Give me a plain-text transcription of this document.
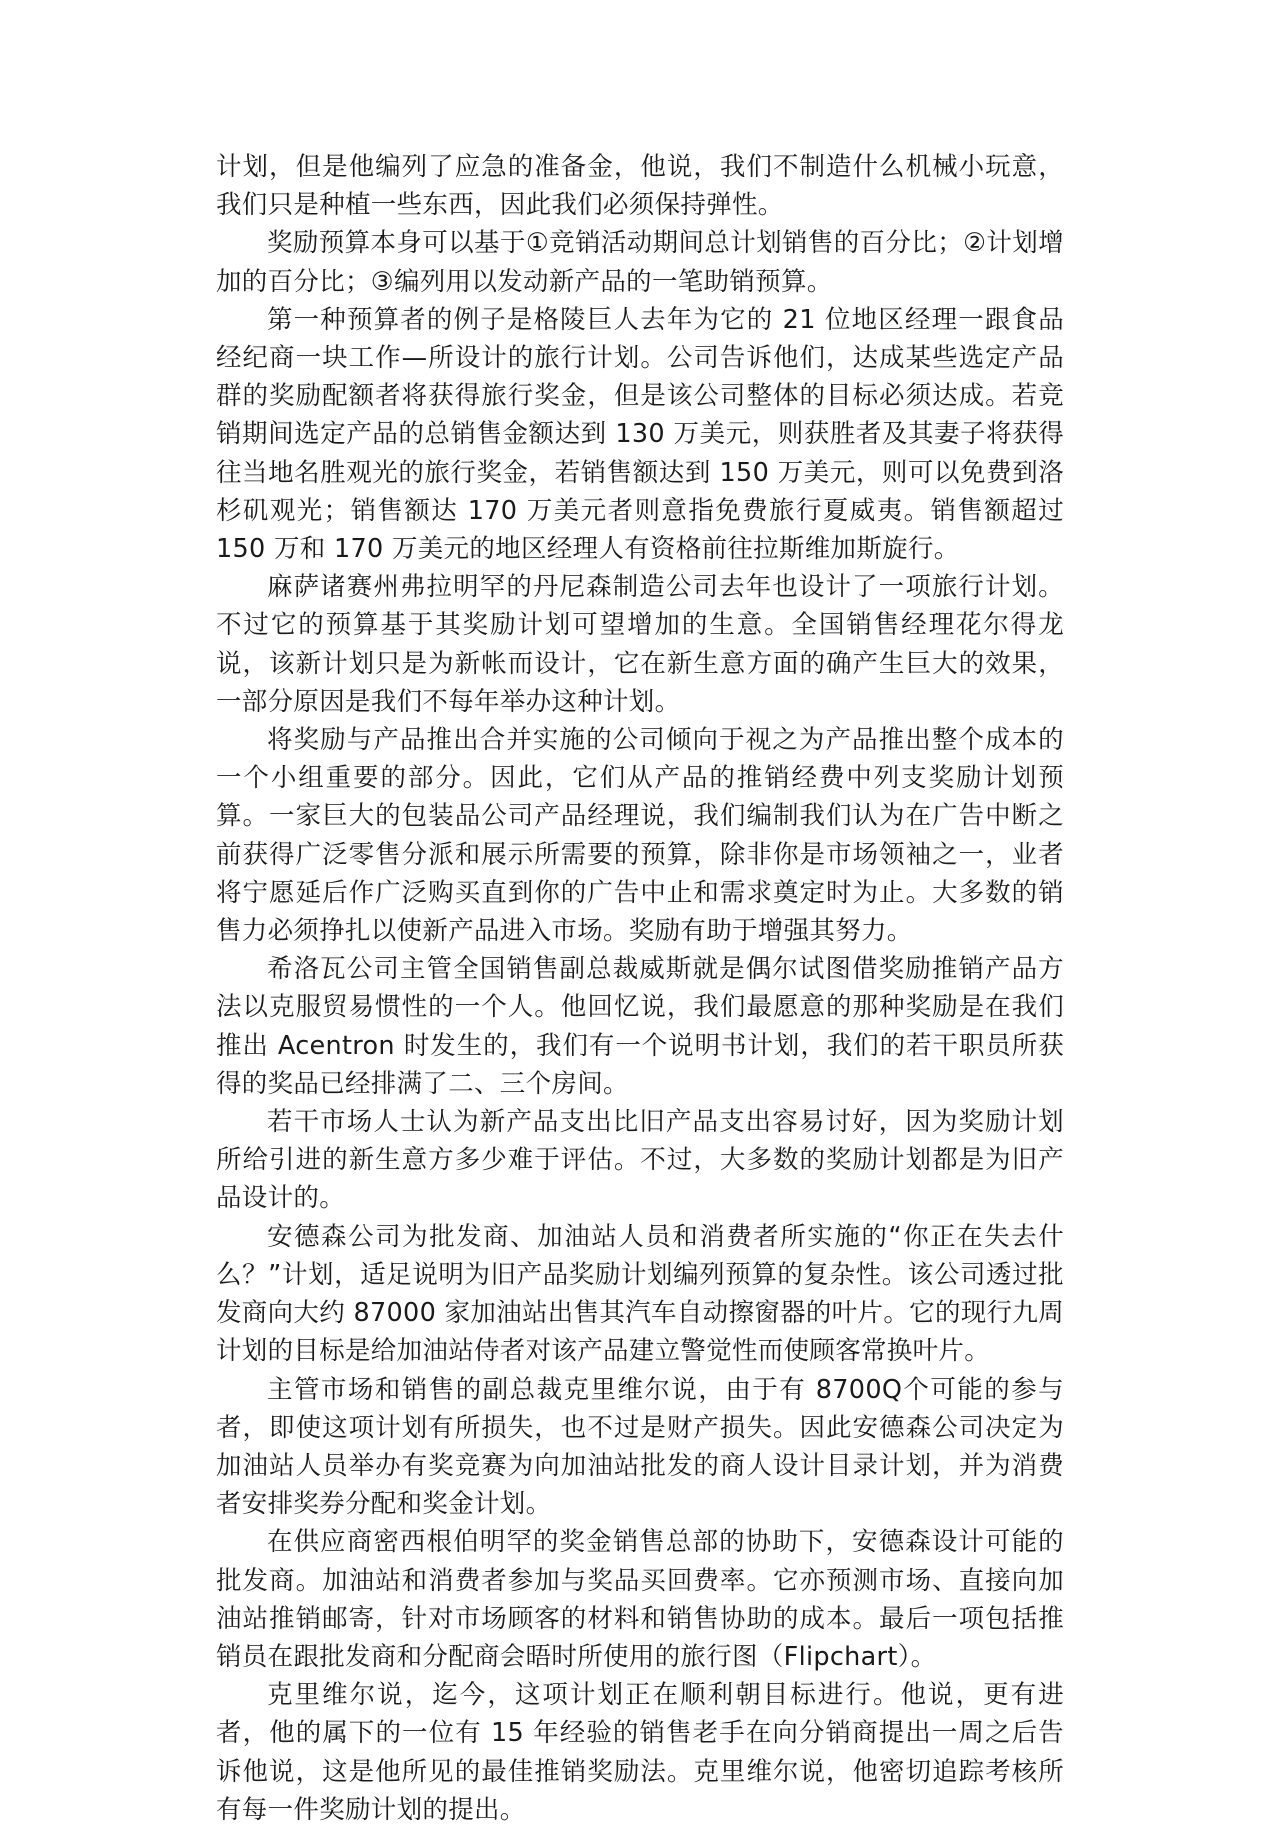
计划，但是他编列了应急的准备金，他说，我们不制造什么机械小玩意，我们只是种植一些东西，因此我们必须保持弹性。

奖励预算本身可以基于①竞销活动期间总计划销售的百分比；②计划增加的百分比；③编列用以发动新产品的一笔助销预算。

第一种预算者的例子是格陵巨人去年为它的 21 位地区经理一跟食品经纪商一块工作—所设计的旅行计划。公司告诉他们，达成某些选定产品群的奖励配额者将获得旅行奖金，但是该公司整体的目标必须达成。若竞销期间选定产品的总销售金额达到 130 万美元，则获胜者及其妻子将获得往当地名胜观光的旅行奖金，若销售额达到 150 万美元，则可以免费到洛杉矶观光；销售额达 170 万美元者则意指免费旅行夏威夷。销售额超过 150 万和 170 万美元的地区经理人有资格前往拉斯维加斯旋行。

麻萨诸赛州弗拉明罕的丹尼森制造公司去年也设计了一项旅行计划。不过它的预算基于其奖励计划可望增加的生意。全国销售经理花尔得龙说，该新计划只是为新帐而设计，它在新生意方面的确产生巨大的效果，一部分原因是我们不每年举办这种计划。

将奖励与产品推出合并实施的公司倾向于视之为产品推出整个成本的一个小组重要的部分。因此，它们从产品的推销经费中列支奖励计划预算。一家巨大的包装品公司产品经理说，我们编制我们认为在广告中断之前获得广泛零售分派和展示所需要的预算，除非你是市场领袖之一，业者将宁愿延后作广泛购买直到你的广告中止和需求奠定时为止。大多数的销售力必须挣扎以使新产品进入市场。奖励有助于增强其努力。

希洛瓦公司主管全国销售副总裁威斯就是偶尔试图借奖励推销产品方法以克服贸易惯性的一个人。他回忆说，我们最愿意的那种奖励是在我们推出 Acentron 时发生的，我们有一个说明书计划，我们的若干职员所获得的奖品已经排满了二、三个房间。

若干市场人士认为新产品支出比旧产品支出容易讨好，因为奖励计划所给引进的新生意方多少难于评估。不过，大多数的奖励计划都是为旧产品设计的。

安德森公司为批发商、加油站人员和消费者所实施的“你正在失去什么？”计划，适足说明为旧产品奖励计划编列预算的复杂性。该公司透过批发商向大约 87000 家加油站出售其汽车自动擦窗器的叶片。它的现行九周计划的目标是给加油站侍者对该产品建立警觉性而使顾客常换叶片。

主管市场和销售的副总裁克里维尔说，由于有 8700Q个可能的参与者，即使这项计划有所损失，也不过是财产损失。因此安德森公司决定为加油站人员举办有奖竞赛为向加油站批发的商人设计目录计划，并为消费者安排奖券分配和奖金计划。

在供应商密西根伯明罕的奖金销售总部的协助下，安德森设计可能的批发商。加油站和消费者参加与奖品买回费率。它亦预测市场、直接向加油站推销邮寄，针对市场顾客的材料和销售协助的成本。最后一项包括推销员在跟批发商和分配商会晤时所使用的旅行图（Flipchart）。

克里维尔说，迄今，这项计划正在顺利朝目标进行。他说，更有进者，他的属下的一位有 15 年经验的销售老手在向分销商提出一周之后告诉他说，这是他所见的最佳推销奖励法。克里维尔说，他密切追踪考核所有每一件奖励计划的提出。
